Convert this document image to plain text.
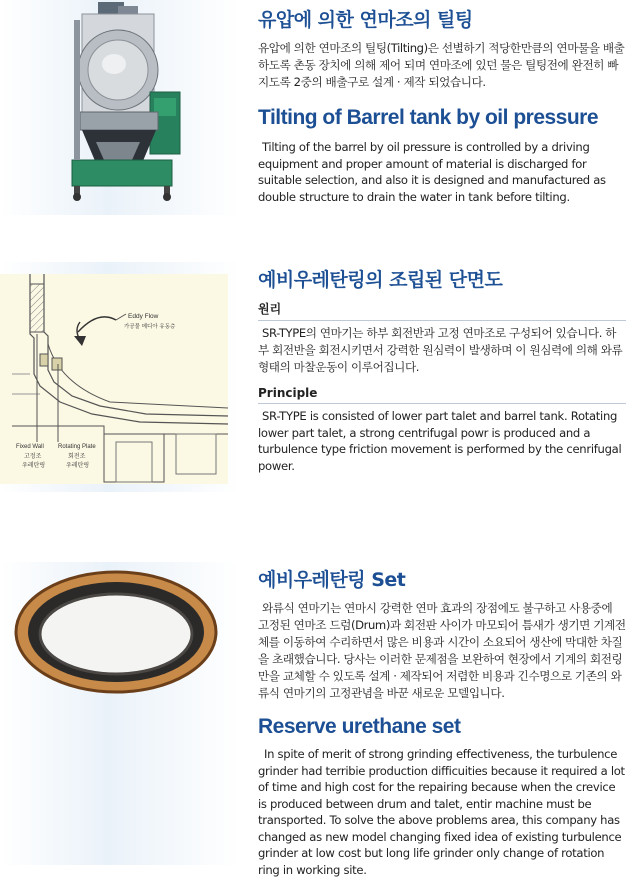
유압에 의한 연마조의 틸팅

유압에 의한 연마조의 틸팅(Tilting)은 선별하기 적당한만큼의 연마물을 배출하도록 촌동 장치에 의해 제어 되며 연마조에 있던 물은 틸팅전에 완전히 빠지도록 2중의 배출구로 설계 · 제작 되었습니다.

Tilting of Barrel tank by oil pressure

Tilting of the barrel by oil pressure is controlled by a driving equipment and proper amount of material is discharged for suitable selection, and also it is designed and manufactured as double structure to drain the water in tank before tilting.

Eddy Flow
가공물 메디아 유동층
Fixed Wall
고정조
우레탄링
Rotating Plate
회전조
우레탄링
예비우레탄링의 조립된 단면도

원리

SR-TYPE의 연마기는 하부 회전반과 고정 연마조로 구성되어 있습니다. 하부 회전반을 회전시키면서 강력한 원심력이 발생하며 이 원심력에 의해 와류 형태의 마찰운동이 이루어집니다.

Principle

SR-TYPE is consisted of lower part talet and barrel tank. Rotating lower part talet, a strong centrifugal powr is produced and a turbulence type friction movement is performed by the cenrifugal power.

예비우레탄링 Set

와류식 연마기는 연마시 강력한 연마 효과의 장점에도 불구하고 사용중에 고정된 연마조 드럼(Drum)과 회전판 사이가 마모되어 틈새가 생기면 기계전체를 이동하여 수리하면서 많은 비용과 시간이 소요되어 생산에 막대한 차질을 초래했습니다. 당사는 이러한 문제점을 보완하여 현장에서 기계의 회전링만을 교체할 수 있도록 설계 · 제작되어 저렴한 비용과 긴수명으로 기존의 와류식 연마기의 고정관념을 바꾼 새로운 모델입니다.

Reserve urethane set

In spite of merit of strong grinding effectiveness, the turbulence grinder had terribie production difficuities because it required a lot of time and high cost for the repairing because when the crevice is produced between drum and talet, entir machine must be transported. To solve the above problems area, this company has changed as new model changing fixed idea of existing turbulence grinder at low cost but long life grinder only change of rotation ring in working site.
